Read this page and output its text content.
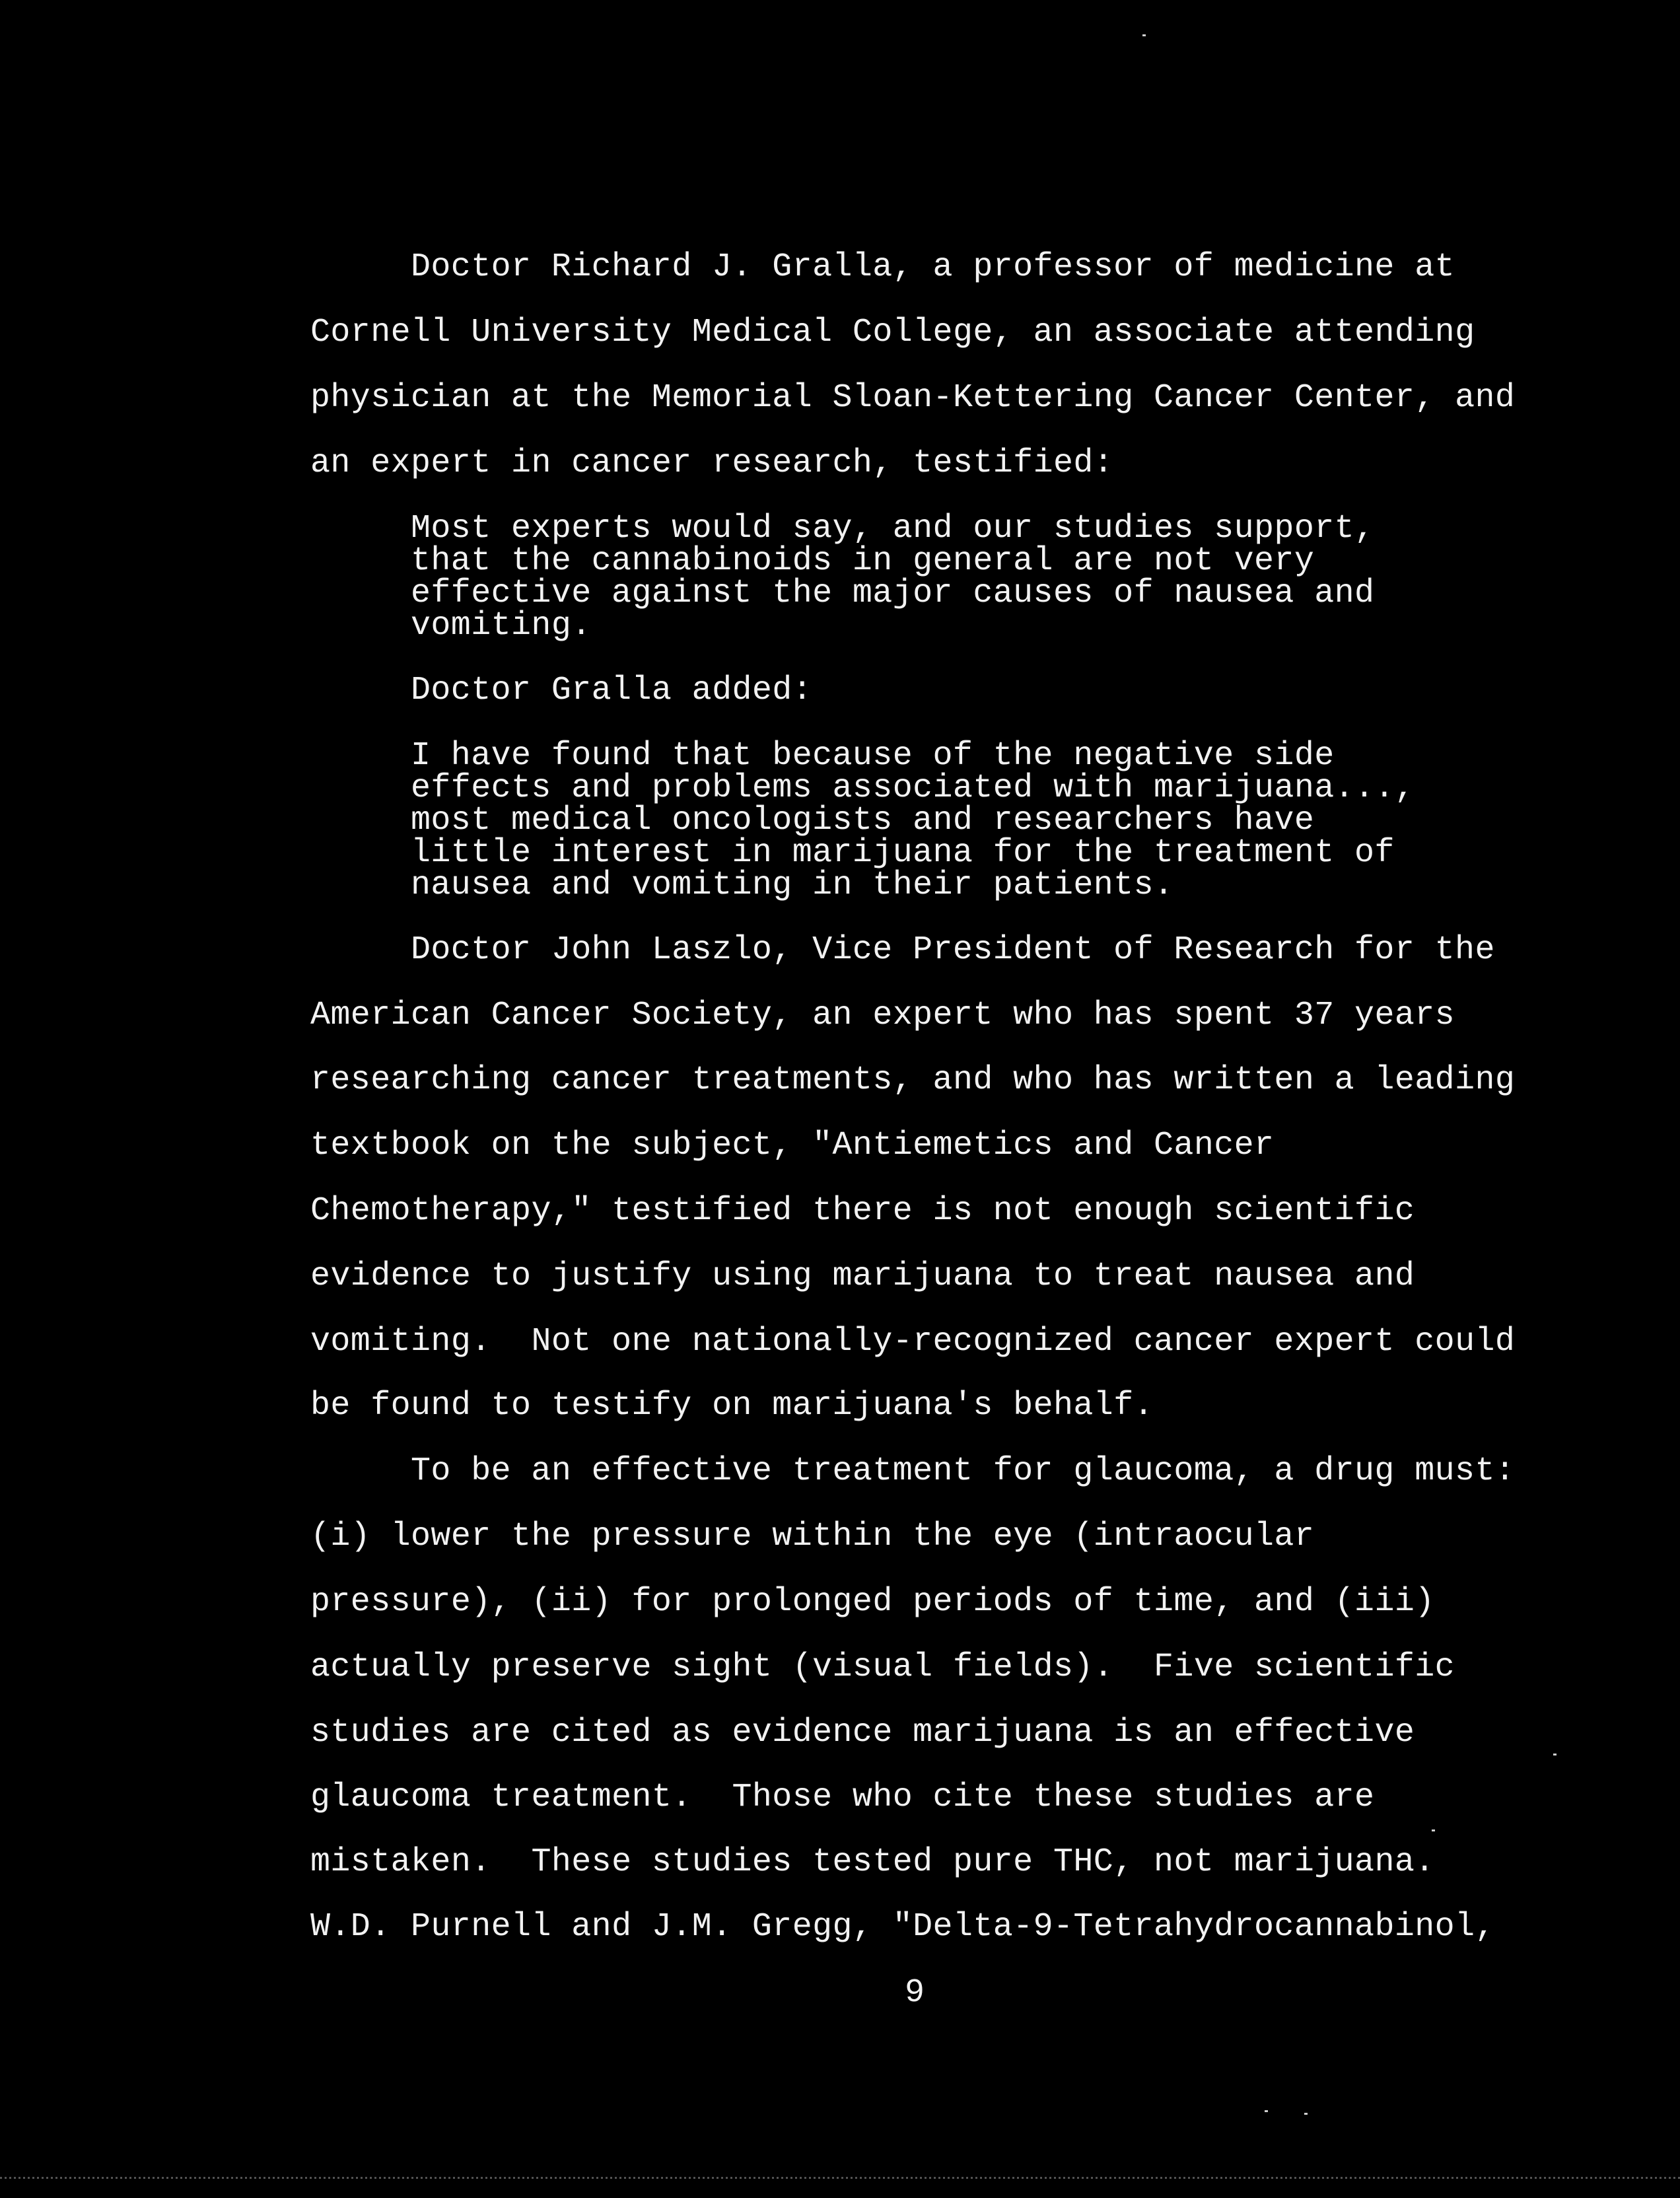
Doctor Richard J. Gralla, a professor of medicine at
Cornell University Medical College, an associate attending
physician at the Memorial Sloan-Kettering Cancer Center, and
an expert in cancer research, testified:
Most experts would say, and our studies support,
that the cannabinoids in general are not very
effective against the major causes of nausea and
vomiting.
Doctor Gralla added:
I have found that because of the negative side
effects and problems associated with marijuana...,
most medical oncologists and researchers have
little interest in marijuana for the treatment of
nausea and vomiting in their patients.
Doctor John Laszlo, Vice President of Research for the
American Cancer Society, an expert who has spent 37 years
researching cancer treatments, and who has written a leading
textbook on the subject, "Antiemetics and Cancer
Chemotherapy," testified there is not enough scientific
evidence to justify using marijuana to treat nausea and
vomiting.  Not one nationally-recognized cancer expert could
be found to testify on marijuana's behalf.
To be an effective treatment for glaucoma, a drug must:
(i) lower the pressure within the eye (intraocular
pressure), (ii) for prolonged periods of time, and (iii)
actually preserve sight (visual fields).  Five scientific
studies are cited as evidence marijuana is an effective
glaucoma treatment.  Those who cite these studies are
mistaken.  These studies tested pure THC, not marijuana.
W.D. Purnell and J.M. Gregg, "Delta-9-Tetrahydrocannabinol,
9
